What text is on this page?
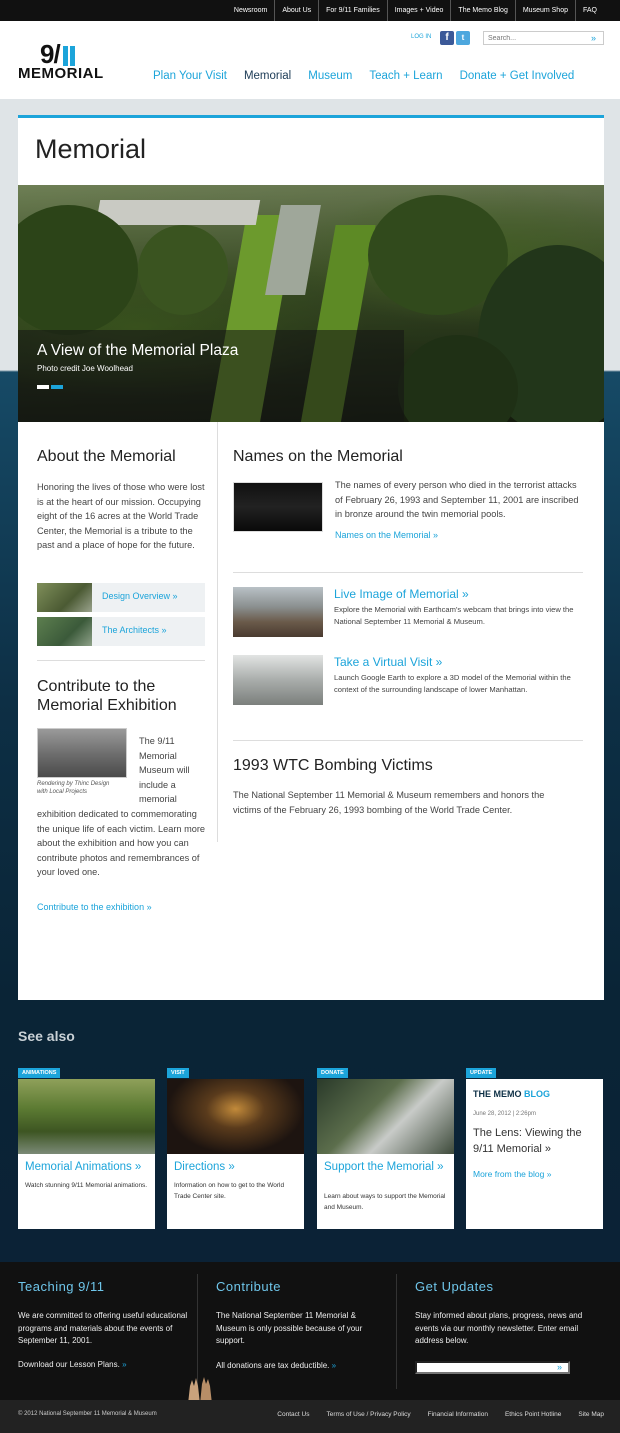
Newsroom	About Us	For 9/11 Families	Images + Video	The Memo Blog	Museum Shop	FAQ
9/
MEMORIAL
LOG IN	f	t
Search...	»
Plan Your Visit Memorial Museum Teach + Learn Donate + Get Involved
Memorial
A View of the Memorial Plaza

Photo credit Joe Woolhead

About the Memorial

Honoring the lives of those who were lost is at the heart of our mission. Occupying eight of the 16 acres at the World Trade Center, the Memorial is a tribute to the past and a place of hope for the future.

Design Overview »
The Architects »
Contribute to the
Memorial Exhibition
Rendering by Thinc Design
with Local Projects

The 9/11 Memorial Museum will include a memorial

exhibition dedicated to commemorating the unique life of each victim. Learn more about the exhibition and how you can contribute photos and remembrances of your loved one.

Contribute to the exhibition »
Names on the Memorial

The names of every person who died in the terrorist attacks of February 26, 1993 and September 11, 2001 are inscribed in bronze around the twin memorial pools.

Names on the Memorial »
Live Image of Memorial »

Explore the Memorial with Earthcam's webcam that brings into view the National September 11 Memorial & Museum.

Take a Virtual Visit »

Launch Google Earth to explore a 3D model of the Memorial within the context of the surrounding landscape of lower Manhattan.

1993 WTC Bombing Victims

The National September 11 Memorial & Museum remembers and honors the victims of the February 26, 1993 bombing of the World Trade Center.

See also
ANIMATIONS
Memorial Animations »
Watch stunning 9/11 Memorial animations.
VISIT
Directions »
Information on how to get to the World Trade Center site.
DONATE
Support the Memorial »
Learn about ways to support the Memorial and Museum.
UPDATE
THE MEMO BLOG
June 28, 2012 | 2:26pm
The Lens: Viewing the 9/11 Memorial »
More from the blog »
Teaching 9/11

We are committed to offering useful educational programs and materials about the events of September 11, 2001.

Download our Lesson Plans. »
Contribute

The National September 11 Memorial & Museum is only possible because of your support.

All donations are tax deductible. »
Get Updates

Stay informed about plans, progress, news and events via our monthly newsletter. Enter email address below.

»
© 2012 National September 11 Memorial & Museum	Contact Us	Terms of Use / Privacy Policy	Financial Information	Ethics Point Hotline	Site Map
